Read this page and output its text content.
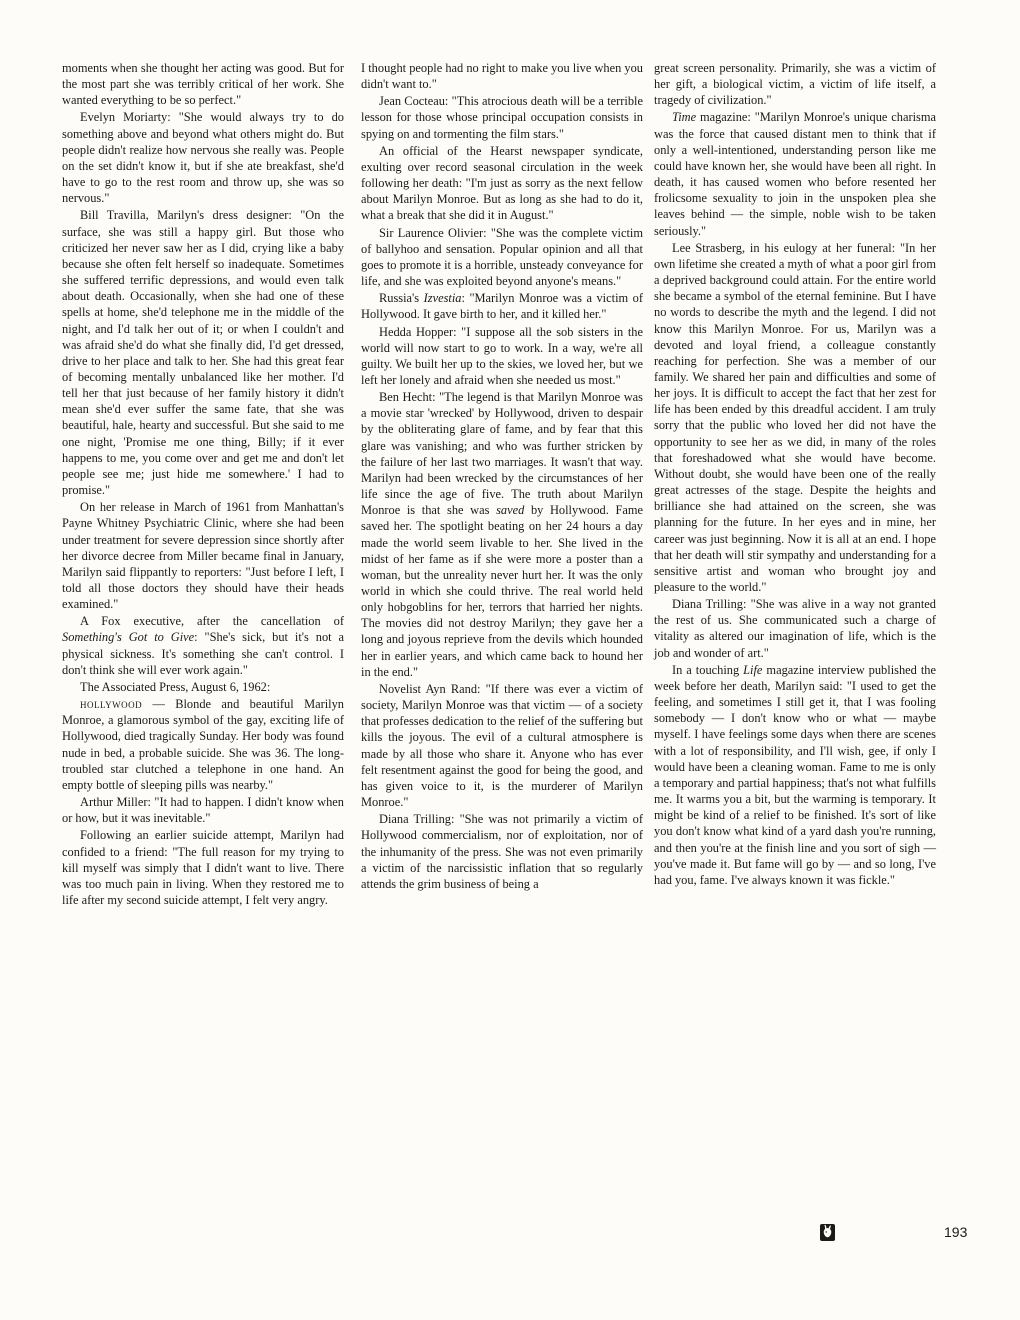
moments when she thought her acting was good. But for the most part she was terribly critical of her work. She wanted everything to be so perfect."

Evelyn Moriarty: "She would always try to do something above and beyond what others might do. But people didn't realize how nervous she really was. People on the set didn't know it, but if she ate breakfast, she'd have to go to the rest room and throw up, she was so nervous."

Bill Travilla, Marilyn's dress designer: "On the surface, she was still a happy girl. But those who criticized her never saw her as I did, crying like a baby because she often felt herself so inadequate. Sometimes she suffered terrific depressions, and would even talk about death. Occasionally, when she had one of these spells at home, she'd telephone me in the middle of the night, and I'd talk her out of it; or when I couldn't and was afraid she'd do what she finally did, I'd get dressed, drive to her place and talk to her. She had this great fear of becoming mentally unbalanced like her mother. I'd tell her that just because of her family history it didn't mean she'd ever suffer the same fate, that she was beautiful, hale, hearty and successful. But she said to me one night, 'Promise me one thing, Billy; if it ever happens to me, you come over and get me and don't let people see me; just hide me somewhere.' I had to promise."

On her release in March of 1961 from Manhattan's Payne Whitney Psychiatric Clinic, where she had been under treatment for severe depression since shortly after her divorce decree from Miller became final in January, Marilyn said flippantly to reporters: "Just before I left, I told all those doctors they should have their heads examined."

A Fox executive, after the cancellation of Something's Got to Give: "She's sick, but it's not a physical sickness. It's something she can't control. I don't think she will ever work again."

The Associated Press, August 6, 1962:

hollywood — Blonde and beautiful Marilyn Monroe, a glamorous symbol of the gay, exciting life of Hollywood, died tragically Sunday. Her body was found nude in bed, a probable suicide. She was 36. The long-troubled star clutched a telephone in one hand. An empty bottle of sleeping pills was nearby."

Arthur Miller: "It had to happen. I didn't know when or how, but it was inevitable."

Following an earlier suicide attempt, Marilyn had confided to a friend: "The full reason for my trying to kill myself was simply that I didn't want to live. There was too much pain in living. When they restored me to life after my second suicide attempt, I felt very angry.

I thought people had no right to make you live when you didn't want to."

Jean Cocteau: "This atrocious death will be a terrible lesson for those whose principal occupation consists in spying on and tormenting the film stars."

An official of the Hearst newspaper syndicate, exulting over record seasonal circulation in the week following her death: "I'm just as sorry as the next fellow about Marilyn Monroe. But as long as she had to do it, what a break that she did it in August."

Sir Laurence Olivier: "She was the complete victim of ballyhoo and sensation. Popular opinion and all that goes to promote it is a horrible, unsteady conveyance for life, and she was exploited beyond anyone's means."

Russia's Izvestia: "Marilyn Monroe was a victim of Hollywood. It gave birth to her, and it killed her."

Hedda Hopper: "I suppose all the sob sisters in the world will now start to go to work. In a way, we're all guilty. We built her up to the skies, we loved her, but we left her lonely and afraid when she needed us most."

Ben Hecht: "The legend is that Marilyn Monroe was a movie star 'wrecked' by Hollywood, driven to despair by the obliterating glare of fame, and by fear that this glare was vanishing; and who was further stricken by the failure of her last two marriages. It wasn't that way. Marilyn had been wrecked by the circumstances of her life since the age of five. The truth about Marilyn Monroe is that she was saved by Hollywood. Fame saved her. The spotlight beating on her 24 hours a day made the world seem livable to her. She lived in the midst of her fame as if she were more a poster than a woman, but the unreality never hurt her. It was the only world in which she could thrive. The real world held only hobgoblins for her, terrors that harried her nights. The movies did not destroy Marilyn; they gave her a long and joyous reprieve from the devils which hounded her in earlier years, and which came back to hound her in the end."

Novelist Ayn Rand: "If there was ever a victim of society, Marilyn Monroe was that victim — of a society that professes dedication to the relief of the suffering but kills the joyous. The evil of a cultural atmosphere is made by all those who share it. Anyone who has ever felt resentment against the good for being the good, and has given voice to it, is the murderer of Marilyn Monroe."

Diana Trilling: "She was not primarily a victim of Hollywood commercialism, nor of exploitation, nor of the inhumanity of the press. She was not even primarily a victim of the narcissistic inflation that so regularly attends the grim business of being a

great screen personality. Primarily, she was a victim of her gift, a biological victim, a victim of life itself, a tragedy of civilization."

Time magazine: "Marilyn Monroe's unique charisma was the force that caused distant men to think that if only a well-intentioned, understanding person like me could have known her, she would have been all right. In death, it has caused women who before resented her frolicsome sexuality to join in the unspoken plea she leaves behind — the simple, noble wish to be taken seriously."

Lee Strasberg, in his eulogy at her funeral: "In her own lifetime she created a myth of what a poor girl from a deprived background could attain. For the entire world she became a symbol of the eternal feminine. But I have no words to describe the myth and the legend. I did not know this Marilyn Monroe. For us, Marilyn was a devoted and loyal friend, a colleague constantly reaching for perfection. She was a member of our family. We shared her pain and difficulties and some of her joys. It is difficult to accept the fact that her zest for life has been ended by this dreadful accident. I am truly sorry that the public who loved her did not have the opportunity to see her as we did, in many of the roles that foreshadowed what she would have become. Without doubt, she would have been one of the really great actresses of the stage. Despite the heights and brilliance she had attained on the screen, she was planning for the future. In her eyes and in mine, her career was just beginning. Now it is all at an end. I hope that her death will stir sympathy and understanding for a sensitive artist and woman who brought joy and pleasure to the world."

Diana Trilling: "She was alive in a way not granted the rest of us. She communicated such a charge of vitality as altered our imagination of life, which is the job and wonder of art."

In a touching Life magazine interview published the week before her death, Marilyn said: "I used to get the feeling, and sometimes I still get it, that I was fooling somebody — I don't know who or what — maybe myself. I have feelings some days when there are scenes with a lot of responsibility, and I'll wish, gee, if only I would have been a cleaning woman. Fame to me is only a temporary and partial happiness; that's not what fulfills me. It warms you a bit, but the warming is temporary. It might be kind of a relief to be finished. It's sort of like you don't know what kind of a yard dash you're running, and then you're at the finish line and you sort of sigh — you've made it. But fame will go by — and so long, I've had you, fame. I've always known it was fickle."

193
